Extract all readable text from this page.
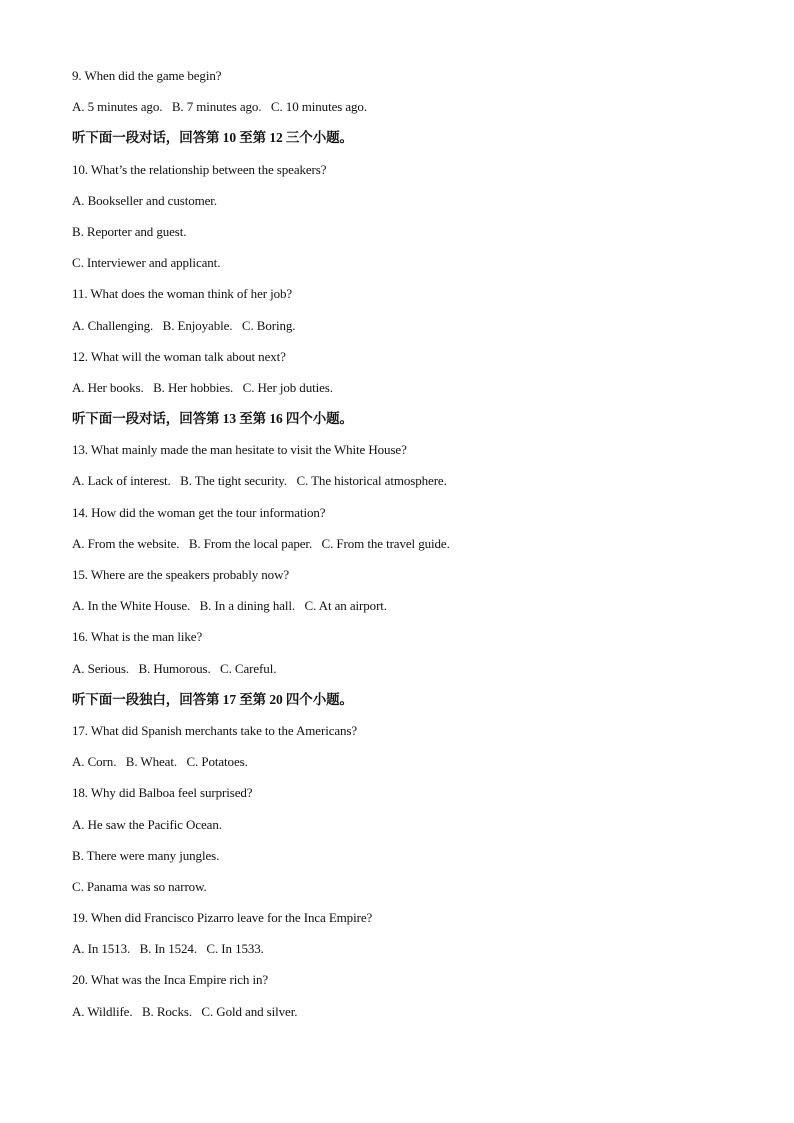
9. When did the game begin?
A. 5 minutes ago.   B. 7 minutes ago.   C. 10 minutes ago.
听下面一段对话，回答第 10 至第 12 三个小题。
10. What’s the relationship between the speakers?
A. Bookseller and customer.
B. Reporter and guest.
C. Interviewer and applicant.
11. What does the woman think of her job?
A. Challenging.   B. Enjoyable.   C. Boring.
12. What will the woman talk about next?
A. Her books.   B. Her hobbies.   C. Her job duties.
听下面一段对话，回答第 13 至第 16 四个小题。
13. What mainly made the man hesitate to visit the White House?
A. Lack of interest.   B. The tight security.   C. The historical atmosphere.
14. How did the woman get the tour information?
A. From the website.   B. From the local paper.   C. From the travel guide.
15. Where are the speakers probably now?
A. In the White House.   B. In a dining hall.   C. At an airport.
16. What is the man like?
A. Serious.   B. Humorous.   C. Careful.
听下面一段独白，回答第 17 至第 20 四个小题。
17. What did Spanish merchants take to the Americans?
A. Corn.   B. Wheat.   C. Potatoes.
18. Why did Balboa feel surprised?
A. He saw the Pacific Ocean.
B. There were many jungles.
C. Panama was so narrow.
19. When did Francisco Pizarro leave for the Inca Empire?
A. In 1513.   B. In 1524.   C. In 1533.
20. What was the Inca Empire rich in?
A. Wildlife.   B. Rocks.   C. Gold and silver.
